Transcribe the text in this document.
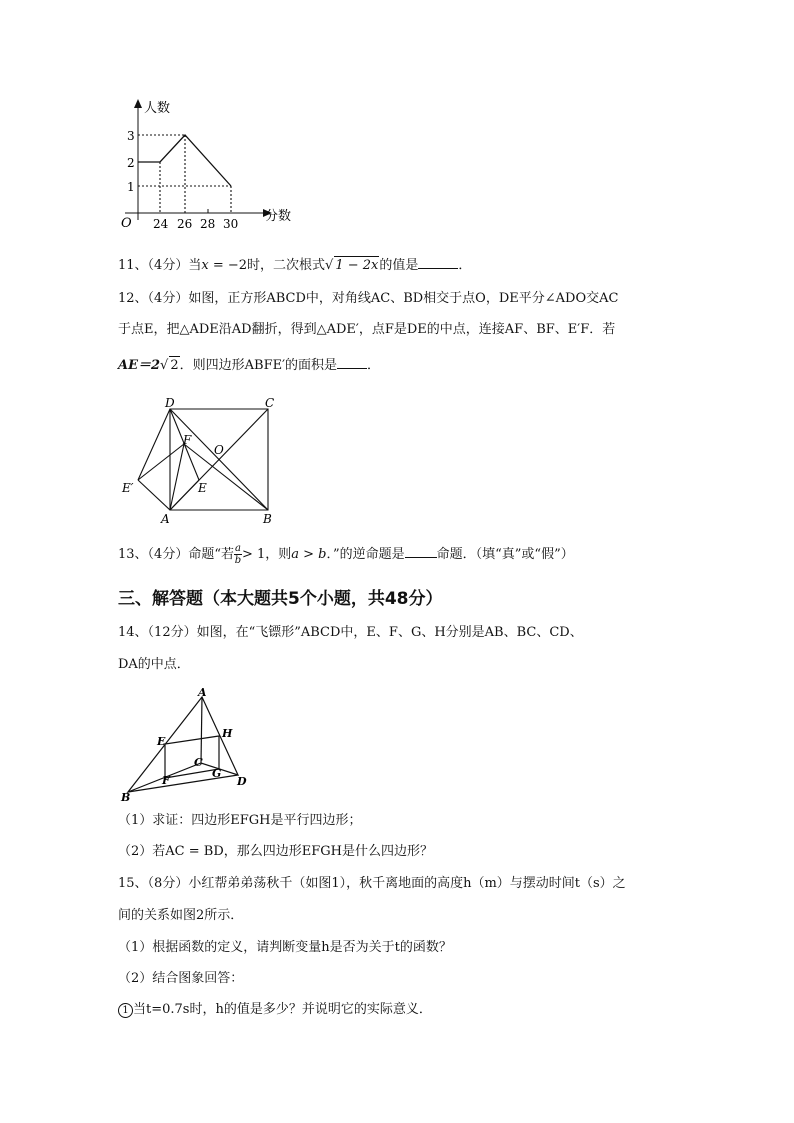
人数
分数
O
3
2
1
24 26 28 30
11、（4分）当x = −2时，二次根式√ 1 − 2x的值是	．
12、（4分）如图，正方形ABCD中，对角线AC、BD相交于点O，DE平分∠ADO交AC
于点E，把△ADE沿AD翻折，得到△ADE′，点F是DE的中点，连接AF、BF、E′F．若
AE＝2√ 2．则四边形ABFE′的面积是 ．
D	C
F
O
E′	E
A	B
13、（4分）命题“若 $\frac{a}{b} > 1$，则a > b．”的逆命题是 命题．（填“真”或“假”）
三、解答题（本大题共5个小题，共48分）
14、（12分）如图，在“飞镖形”ABCD中，E、F、G、H分别是AB、BC、CD、
DA的中点．
A
E
H
C
G
F	D
B
（1）求证：四边形EFGH是平行四边形；
（2）若AC = BD，那么四边形EFGH是什么四边形？
15、（8分）小红帮弟弟荡秋千（如图1），秋千离地面的高度h（m）与摆动时间t（s）之
间的关系如图2所示．
（1）根据函数的定义，请判断变量h是否为关于t的函数？
（2）结合图象回答：
1 当t=0.7s时，h的值是多少？并说明它的实际意义．
